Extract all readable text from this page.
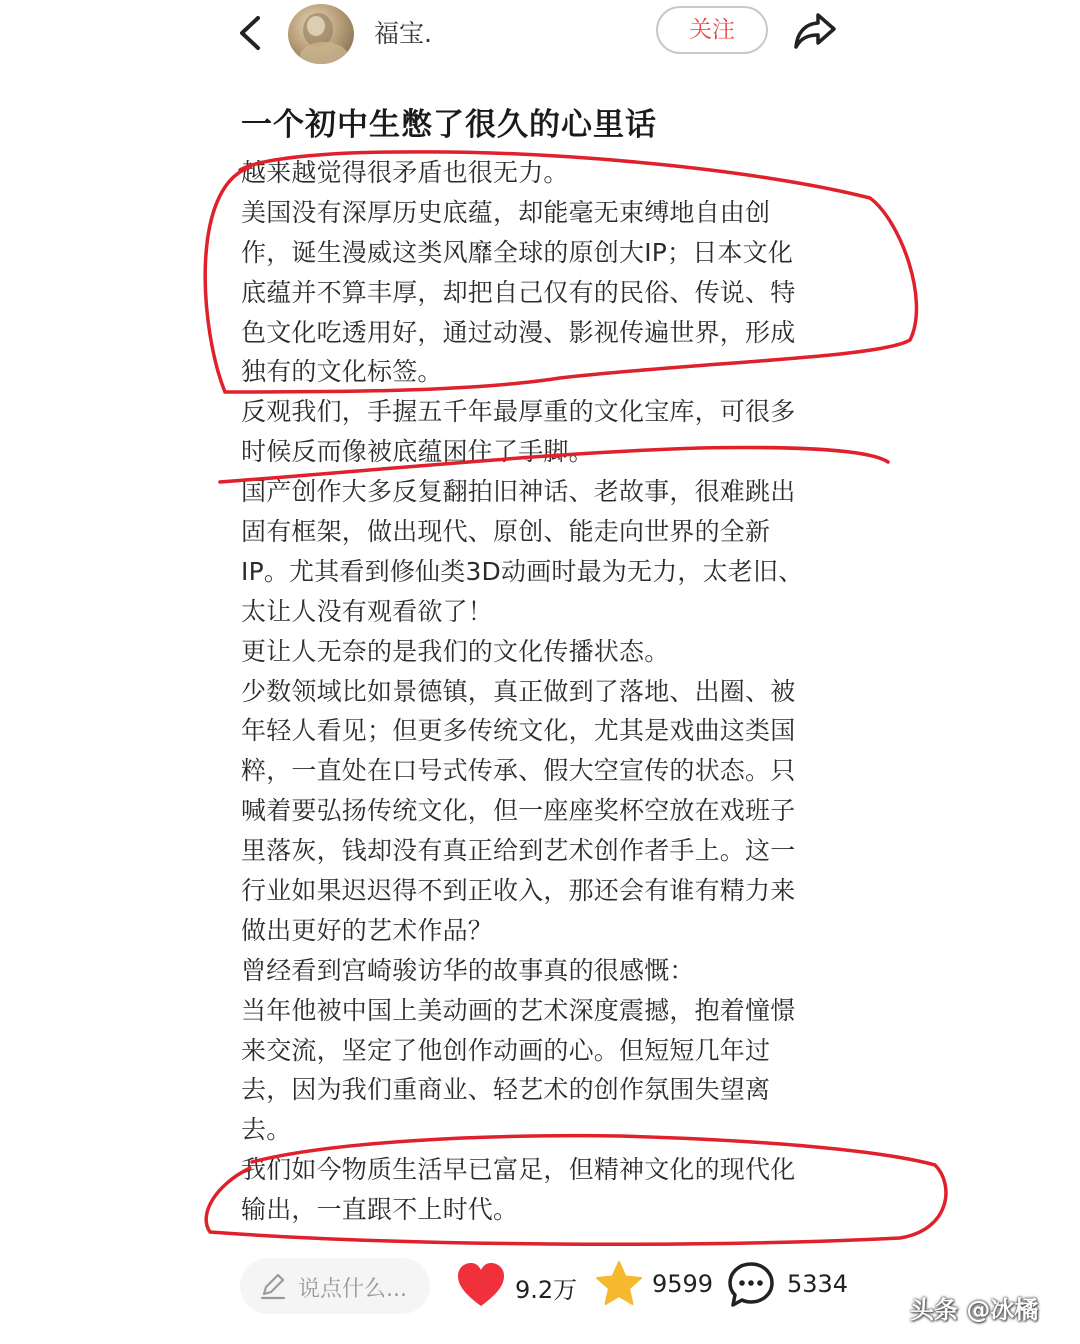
福宝.	关注
一个初中生憋了很久的心里话
越来越觉得很矛盾也很无力。
美国没有深厚历史底蕴，却能毫无束缚地自由创
作，诞生漫威这类风靡全球的原创大IP；日本文化
底蕴并不算丰厚，却把自己仅有的民俗、传说、特
色文化吃透用好，通过动漫、影视传遍世界，形成
独有的文化标签。
反观我们，手握五千年最厚重的文化宝库，可很多
时候反而像被底蕴困住了手脚。
国产创作大多反复翻拍旧神话、老故事，很难跳出
固有框架，做出现代、原创、能走向世界的全新
IP。尤其看到修仙类3D动画时最为无力，太老旧、
太让人没有观看欲了！
更让人无奈的是我们的文化传播状态。
少数领域比如景德镇，真正做到了落地、出圈、被
年轻人看见；但更多传统文化，尤其是戏曲这类国
粹，一直处在口号式传承、假大空宣传的状态。只
喊着要弘扬传统文化，但一座座奖杯空放在戏班子
里落灰，钱却没有真正给到艺术创作者手上。这一
行业如果迟迟得不到正收入，那还会有谁有精力来
做出更好的艺术作品？
曾经看到宫崎骏访华的故事真的很感慨：
当年他被中国上美动画的艺术深度震撼，抱着憧憬
来交流，坚定了他创作动画的心。但短短几年过
去，因为我们重商业、轻艺术的创作氛围失望离
去。
我们如今物质生活早已富足，但精神文化的现代化
输出，一直跟不上时代。
说点什么...	9.2万	9599	5334
头条 @冰橘
